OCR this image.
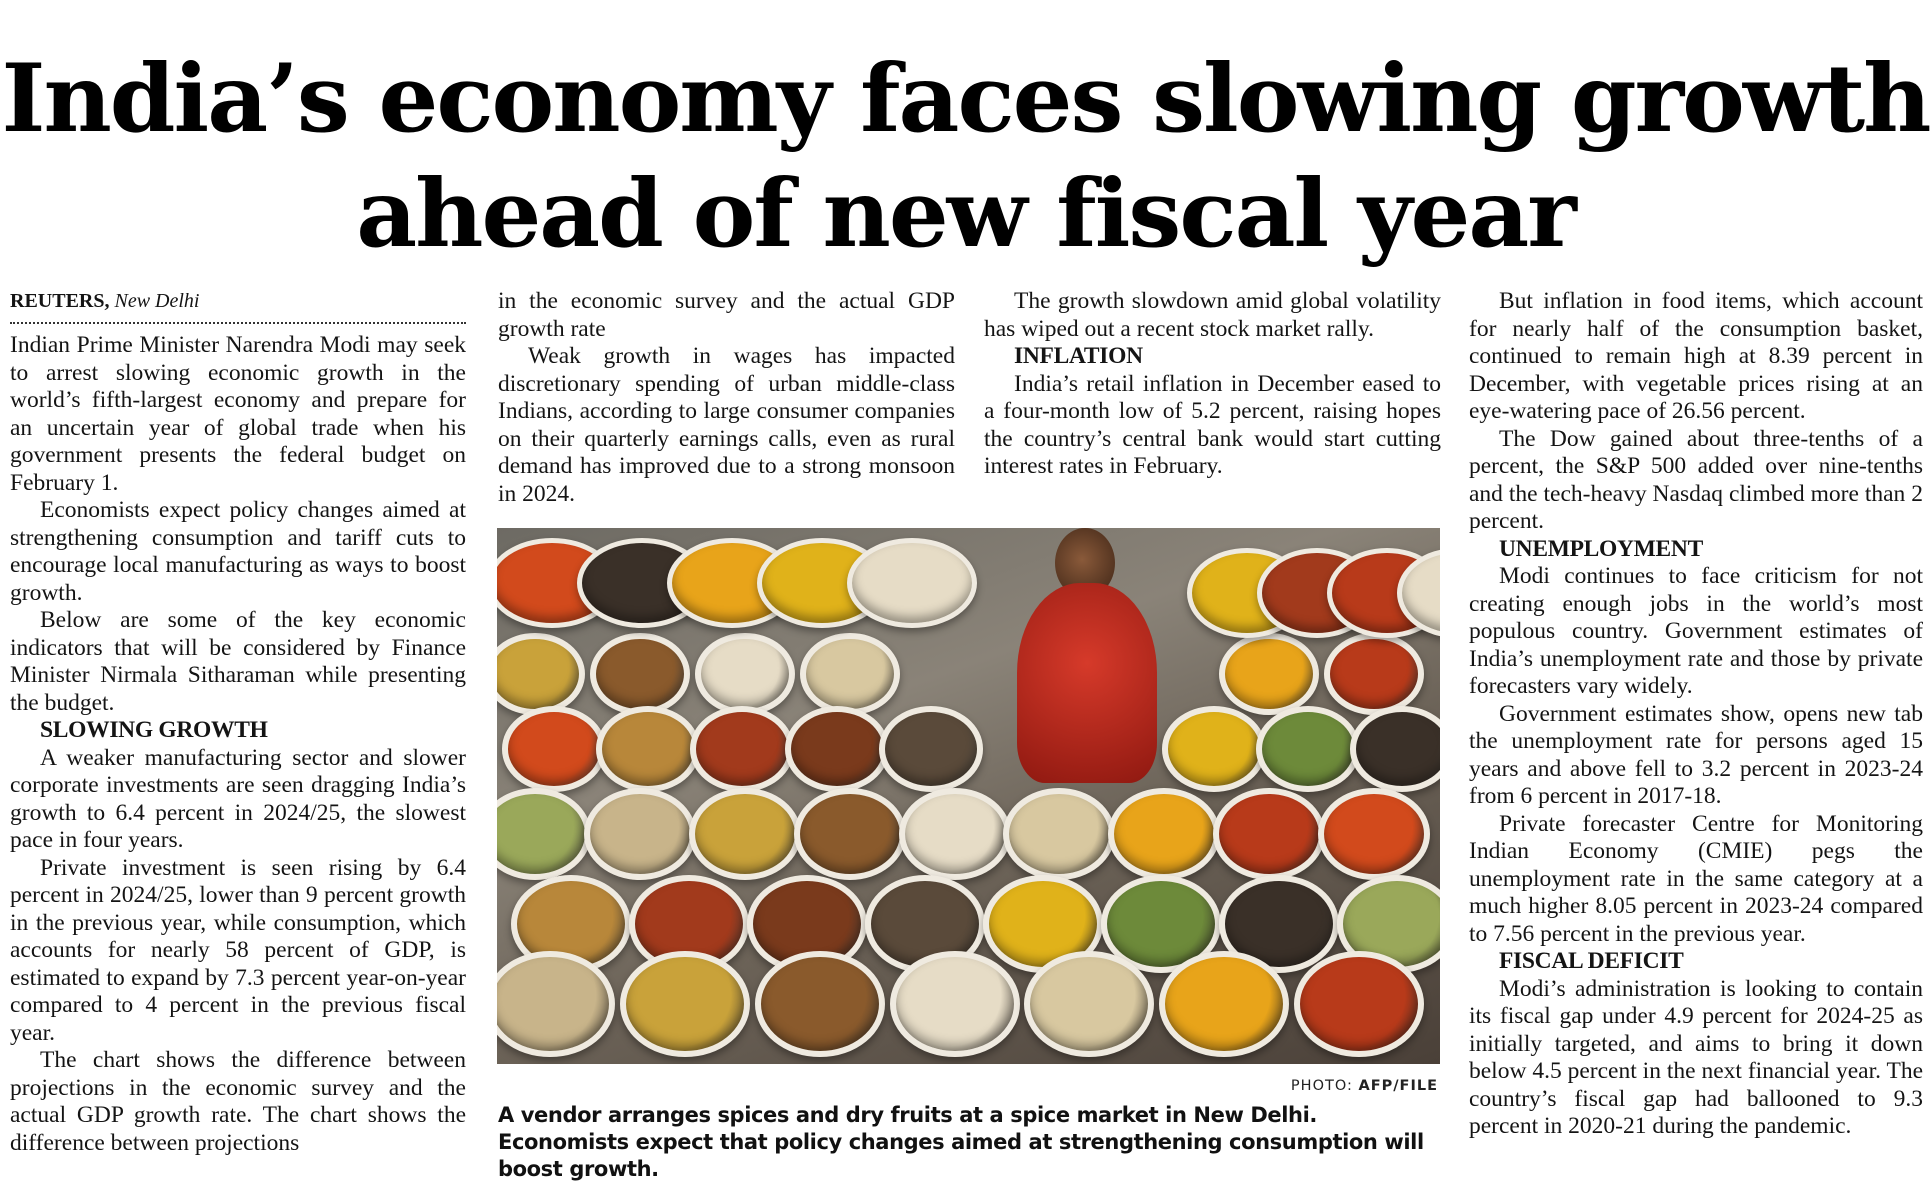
India’s economy faces slowing growth ahead of new fiscal year
REUTERS, New Delhi

Indian Prime Minister Narendra Modi may seek to arrest slowing economic growth in the world’s fifth-largest economy and prepare for an uncertain year of global trade when his government presents the federal budget on February 1.

Economists expect policy changes aimed at strengthening consumption and tariff cuts to encourage local manufacturing as ways to boost growth.

Below are some of the key economic indicators that will be considered by Finance Minister Nirmala Sitharaman while presenting the budget.

SLOWING GROWTH

A weaker manufacturing sector and slower corporate investments are seen dragging India’s growth to 6.4 percent in 2024/25, the slowest pace in four years.

Private investment is seen rising by 6.4 percent in 2024/25, lower than 9 percent growth in the previous year, while consumption, which accounts for nearly 58 percent of GDP, is estimated to expand by 7.3 percent year-on-year compared to 4 percent in the previous fiscal year.

The chart shows the difference between projections in the economic survey and the actual GDP growth rate. The chart shows the difference between projections

in the economic survey and the actual GDP growth rate

Weak growth in wages has impacted discretionary spending of urban middle-class Indians, according to large consumer companies on their quarterly earnings calls, even as rural demand has improved due to a strong monsoon in 2024.

The growth slowdown amid global volatility has wiped out a recent stock market rally.

INFLATION

India’s retail inflation in December eased to a four-month low of 5.2 percent, raising hopes the country’s central bank would start cutting interest rates in February.

But inflation in food items, which account for nearly half of the consumption basket, continued to remain high at 8.39 percent in December, with vegetable prices rising at an eye-watering pace of 26.56 percent.

The Dow gained about three-tenths of a percent, the S&P 500 added over nine-tenths and the tech-heavy Nasdaq climbed more than 2 percent.

UNEMPLOYMENT

Modi continues to face criticism for not creating enough jobs in the world’s most populous country. Government estimates of India’s unemployment rate and those by private forecasters vary widely.

Government estimates show, opens new tab the unemployment rate for persons aged 15 years and above fell to 3.2 percent in 2023-24 from 6 percent in 2017-18.

Private forecaster Centre for Monitoring Indian Economy (CMIE) pegs the unemployment rate in the same category at a much higher 8.05 percent in 2023-24 compared to 7.56 percent in the previous year.

FISCAL DEFICIT

Modi’s administration is looking to contain its fiscal gap under 4.9 percent for 2024-25 as initially targeted, and aims to bring it down below 4.5 percent in the next financial year. The country’s fiscal gap had ballooned to 9.3 percent in 2020-21 during the pandemic.

PHOTO: AFP/FILE

A vendor arranges spices and dry fruits at a spice market in New Delhi. Economists expect that policy changes aimed at strengthening consumption will boost growth.
